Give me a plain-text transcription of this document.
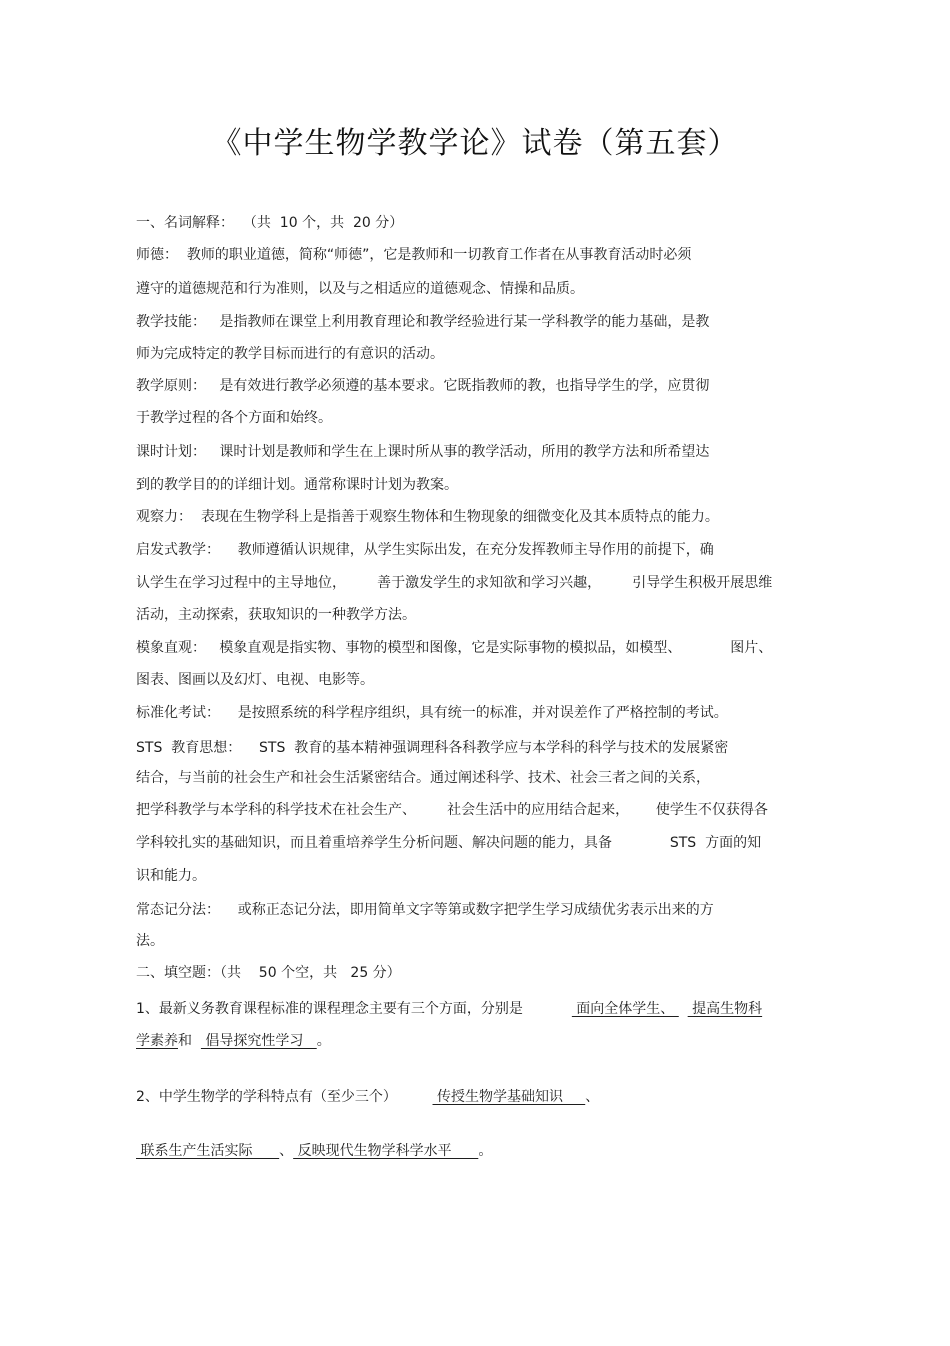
《中学生物学教学论》试卷（第五套）
一、名词解释：  （共  10 个，共  20 分）
师德：  教师的职业道德，简称“师德”，它是教师和一切教育工作者在从事教育活动时必须
遵守的道德规范和行为准则，以及与之相适应的道德观念、情操和品质。
教学技能：   是指教师在课堂上利用教育理论和教学经验进行某一学科教学的能力基础，是教
师为完成特定的教学目标而进行的有意识的活动。
教学原则：   是有效进行教学必须遵的基本要求。它既指教师的教，也指导学生的学，应贯彻
于教学过程的各个方面和始终。
课时计划：   课时计划是教师和学生在上课时所从事的教学活动，所用的教学方法和所希望达
到的教学目的的详细计划。通常称课时计划为教案。
观察力：  表现在生物学科上是指善于观察生物体和生物现象的细微变化及其本质特点的能力。
启发式教学：    教师遵循认识规律，从学生实际出发，在充分发挥教师主导作用的前提下，确
认学生在学习过程中的主导地位，       善于激发学生的求知欲和学习兴趣，       引导学生积极开展思维
活动，主动探索，获取知识的一种教学方法。
模象直观：   模象直观是指实物、事物的模型和图像，它是实际事物的模拟品，如模型、           图片、
图表、图画以及幻灯、电视、电影等。
标准化考试：    是按照系统的科学程序组织，具有统一的标准，并对误差作了严格控制的考试。
STS  教育思想：    STS  教育的基本精神强调理科各科教学应与本学科的科学与技术的发展紧密
结合，与当前的社会生产和社会生活紧密结合。通过阐述科学、技术、社会三者之间的关系，
把学科教学与本学科的科学技术在社会生产、       社会生活中的应用结合起来，      使学生不仅获得各
学科较扎实的基础知识，而且着重培养学生分析问题、解决问题的能力，具备             STS  方面的知
识和能力。
常态记分法：    或称正态记分法，即用简单文字等第或数字把学生学习成绩优劣表示出来的方
法。
二、填空题：（共    50 个空，共   25 分）
1、最新义务教育课程标准的课程理念主要有三个方面，分别是            面向全体学生、    提高生物科
学素养和   倡导探究性学习   。
2、中学生物学的学科特点有（至少三个）         传授生物学基础知识     、
联系生产生活实际      、 反映现代生物学科学水平      。
